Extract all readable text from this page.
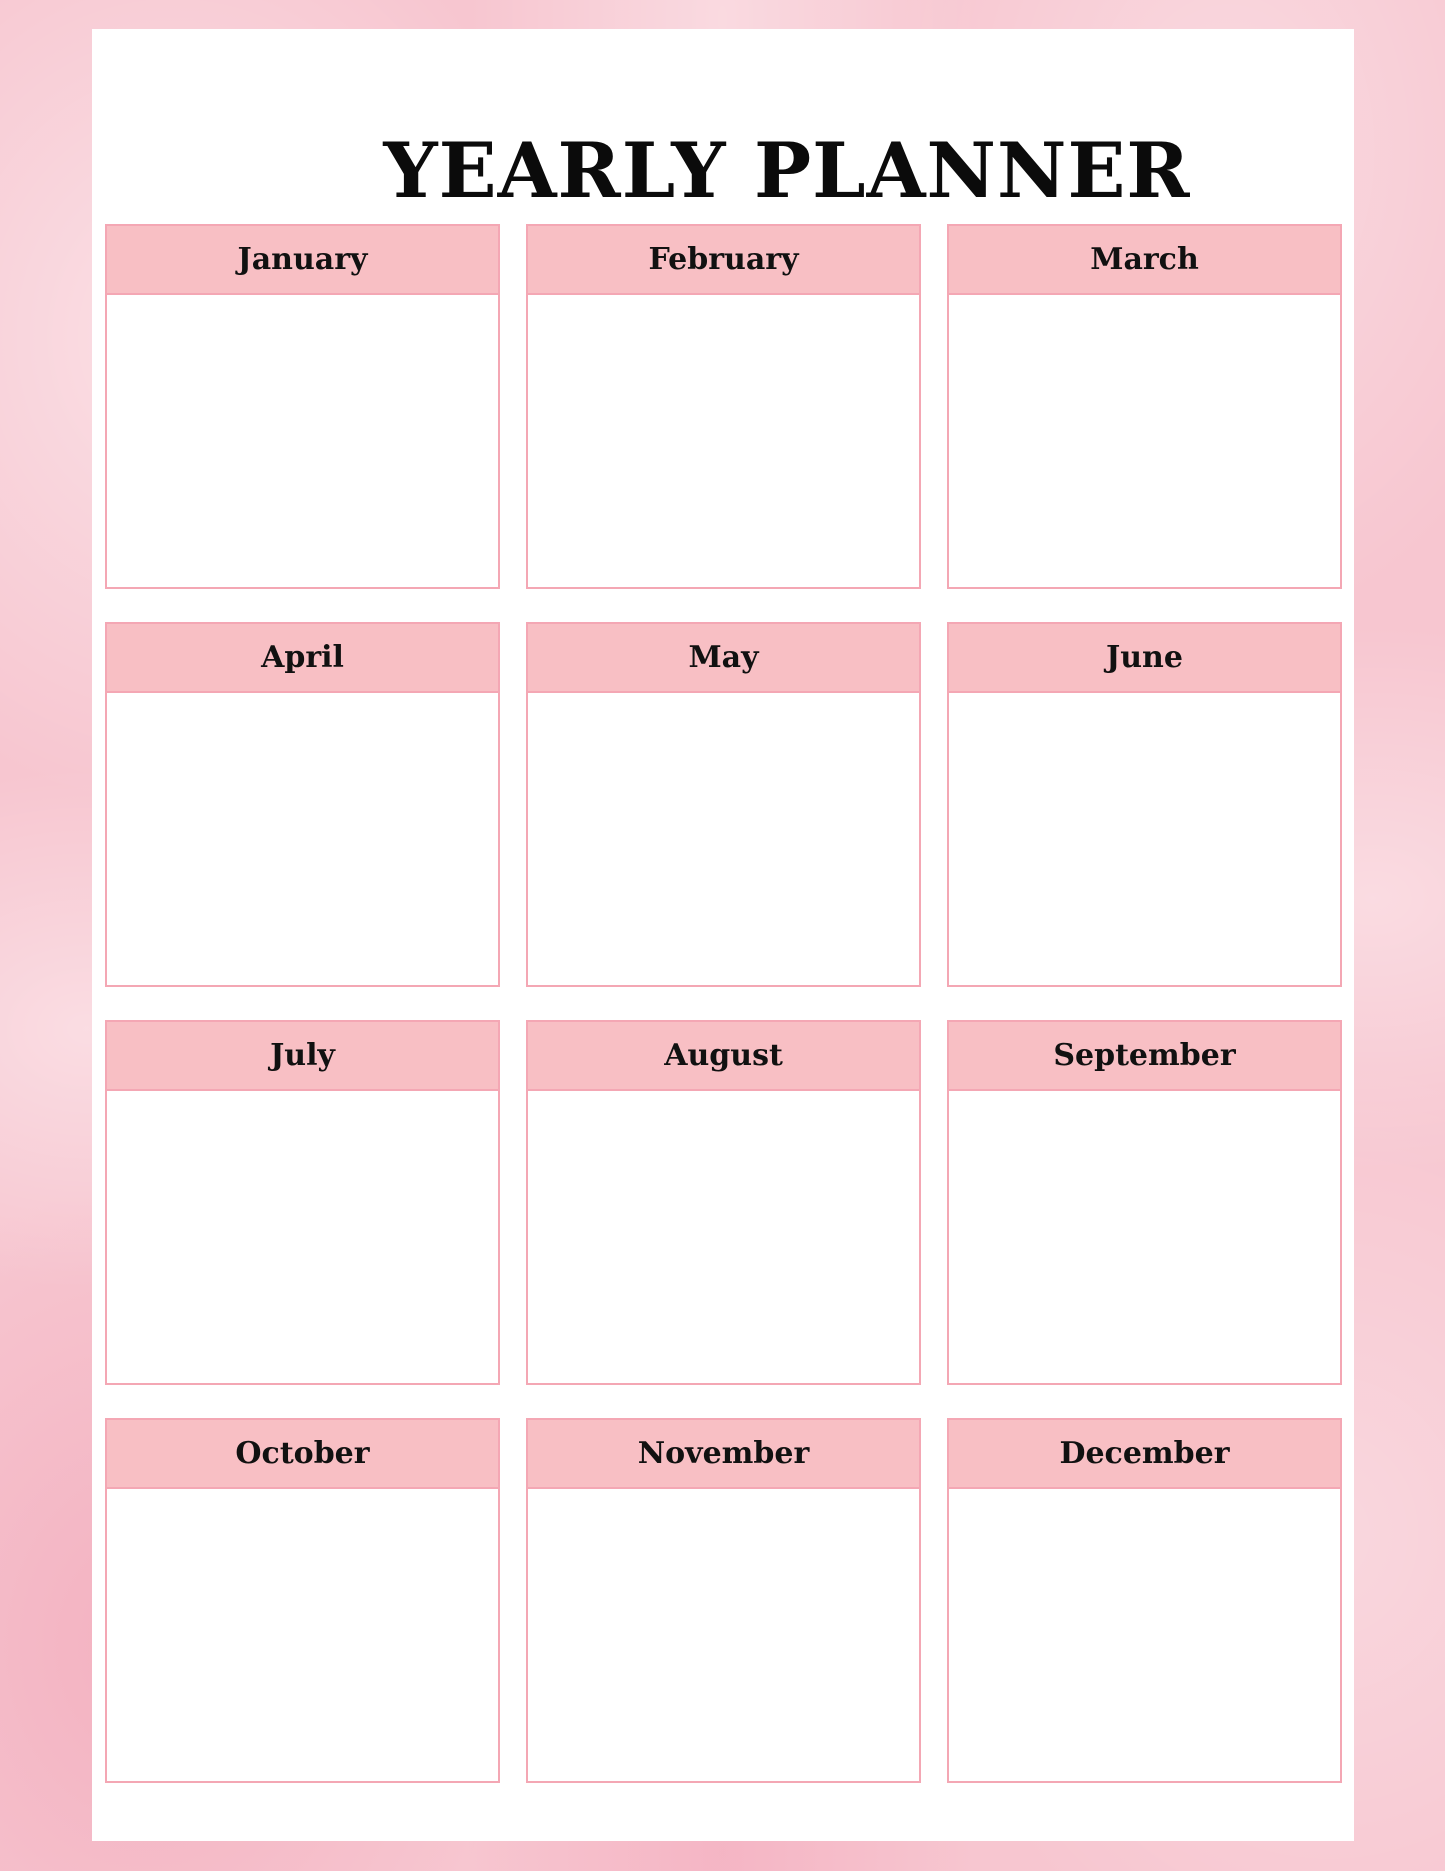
YEARLY PLANNER
January	February	March
April	May	June
July	August	September
October	November	December
